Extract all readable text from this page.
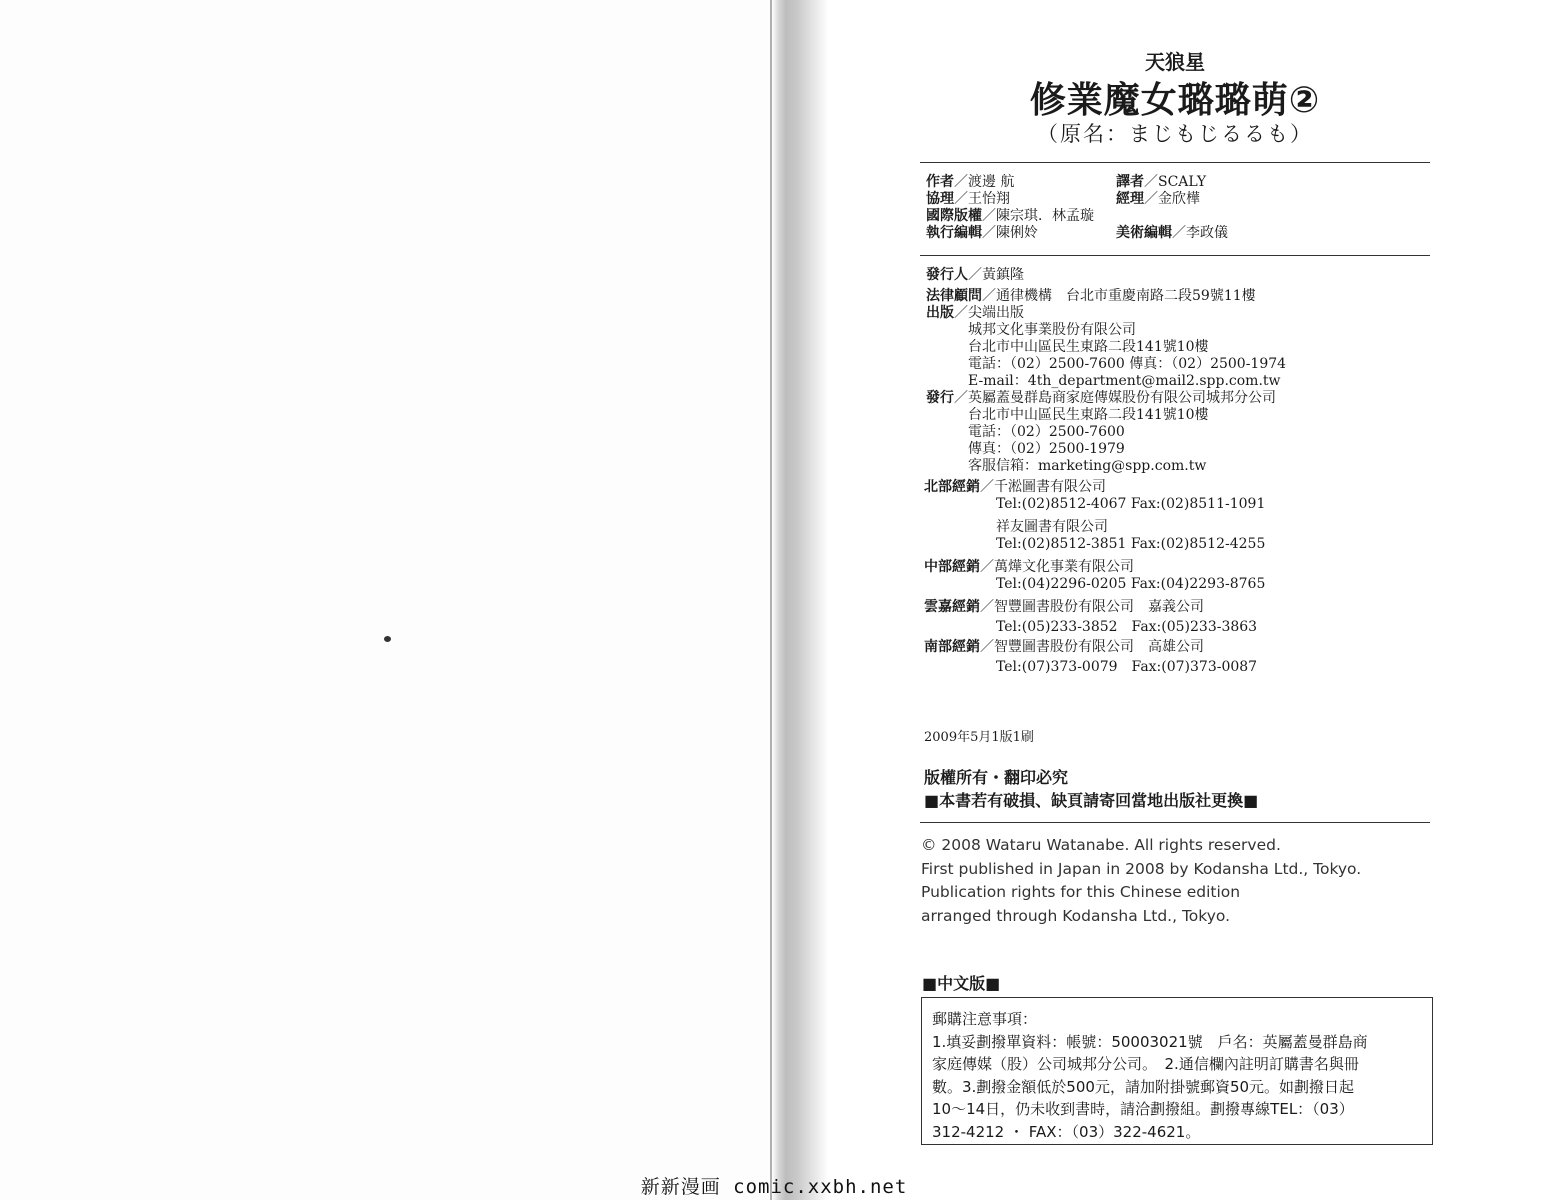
天狼星
修業魔女璐璐萌②
（原名：まじもじるるも）
作者／渡邊 航	譯者／SCALY
協理／王怡翔	經理／金欣樺
國際版權／陳宗琪．林孟璇
執行編輯／陳俐姈	美術編輯／李政儀
發行人／黃鎮隆
法律顧問／通律機構　台北市重慶南路二段59號11樓
出版／尖端出版
城邦文化事業股份有限公司
台北市中山區民生東路二段141號10樓
電話：（02）2500-7600 傳真：（02）2500-1974
E-mail：4th_department@mail2.spp.com.tw
發行／英屬蓋曼群島商家庭傳媒股份有限公司城邦分公司
台北市中山區民生東路二段141號10樓
電話：（02）2500-7600
傳真：（02）2500-1979
客服信箱：marketing@spp.com.tw
北部經銷／千淞圖書有限公司
Tel:(02)8512-4067 Fax:(02)8511-1091
祥友圖書有限公司
Tel:(02)8512-3851 Fax:(02)8512-4255
中部經銷／萬燁文化事業有限公司
Tel:(04)2296-0205 Fax:(04)2293-8765
雲嘉經銷／智豐圖書股份有限公司　嘉義公司
Tel:(05)233-3852　Fax:(05)233-3863
南部經銷／智豐圖書股份有限公司　高雄公司
Tel:(07)373-0079　Fax:(07)373-0087
2009年5月1版1刷
版權所有・翻印必究
■本書若有破損、缺頁請寄回當地出版社更換■
© 2008 Wataru Watanabe. All rights reserved.
First published in Japan in 2008 by Kodansha Ltd., Tokyo.
Publication rights for this Chinese edition
arranged through Kodansha Ltd., Tokyo.
■中文版■
郵購注意事項：
1.填妥劃撥單資料：帳號：50003021號　戶名：英屬蓋曼群島商
家庭傳媒（股）公司城邦分公司。　2.通信欄內註明訂購書名與冊
數。3.劃撥金額低於500元，請加附掛號郵資50元。如劃撥日起
10～14日，仍未收到書時，請洽劃撥組。劃撥專線TEL：（03）
312-4212 ・ FAX：（03）322-4621。
新新漫画 comic.xxbh.net
